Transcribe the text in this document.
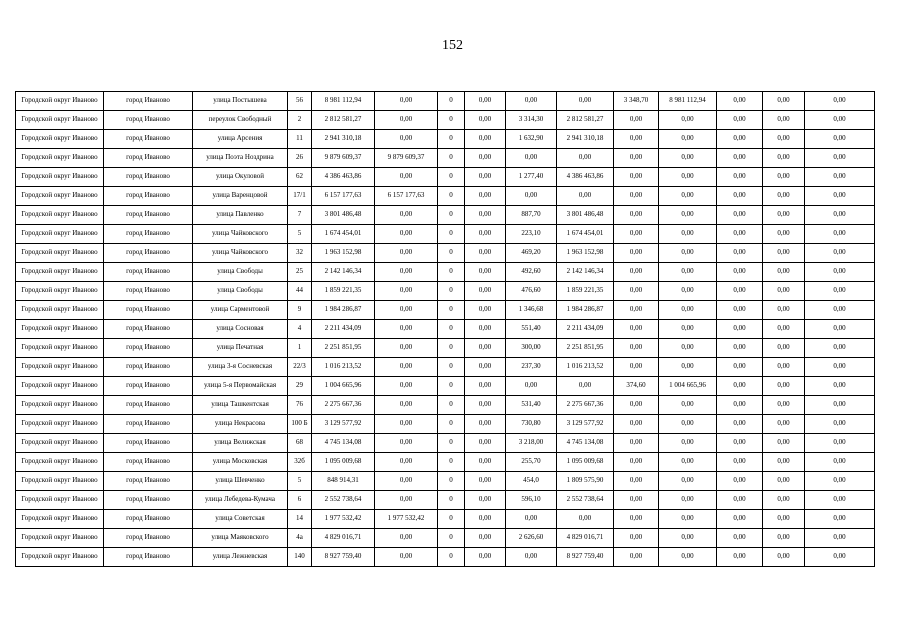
152
Городской округ Иваново	город Иваново	улица Постышева	56	8 981 112,94	0,00	0	0,00	0,00	0,00	3 348,70	8 981 112,94	0,00	0,00	0,00
Городской округ Иваново	город Иваново	переулок Свободный	2	2 812 581,27	0,00	0	0,00	3 314,30	2 812 581,27	0,00	0,00	0,00	0,00	0,00
Городской округ Иваново	город Иваново	улица Арсения	11	2 941 310,18	0,00	0	0,00	1 632,90	2 941 310,18	0,00	0,00	0,00	0,00	0,00
Городской округ Иваново	город Иваново	улица Поэта Ноздрина	26	9 879 609,37	9 879 609,37	0	0,00	0,00	0,00	0,00	0,00	0,00	0,00	0,00
Городской округ Иваново	город Иваново	улица Окуловой	62	4 386 463,86	0,00	0	0,00	1 277,40	4 386 463,86	0,00	0,00	0,00	0,00	0,00
Городской округ Иваново	город Иваново	улица Варенцовой	17/1	6 157 177,63	6 157 177,63	0	0,00	0,00	0,00	0,00	0,00	0,00	0,00	0,00
Городской округ Иваново	город Иваново	улица Павленко	7	3 801 486,48	0,00	0	0,00	887,70	3 801 486,48	0,00	0,00	0,00	0,00	0,00
Городской округ Иваново	город Иваново	улица Чайковского	5	1 674 454,01	0,00	0	0,00	223,10	1 674 454,01	0,00	0,00	0,00	0,00	0,00
Городской округ Иваново	город Иваново	улица Чайковского	32	1 963 152,98	0,00	0	0,00	469,20	1 963 152,98	0,00	0,00	0,00	0,00	0,00
Городской округ Иваново	город Иваново	улица Свободы	25	2 142 146,34	0,00	0	0,00	492,60	2 142 146,34	0,00	0,00	0,00	0,00	0,00
Городской округ Иваново	город Иваново	улица Свободы	44	1 859 221,35	0,00	0	0,00	476,60	1 859 221,35	0,00	0,00	0,00	0,00	0,00
Городской округ Иваново	город Иваново	улица Сарментовой	9	1 984 286,87	0,00	0	0,00	1 346,68	1 984 286,87	0,00	0,00	0,00	0,00	0,00
Городской округ Иваново	город Иваново	улица Сосновая	4	2 211 434,09	0,00	0	0,00	551,40	2 211 434,09	0,00	0,00	0,00	0,00	0,00
Городской округ Иваново	город Иваново	улица Печатная	1	2 251 851,95	0,00	0	0,00	300,00	2 251 851,95	0,00	0,00	0,00	0,00	0,00
Городской округ Иваново	город Иваново	улица 3-я Сосневская	22/3	1 016 213,52	0,00	0	0,00	237,30	1 016 213,52	0,00	0,00	0,00	0,00	0,00
Городской округ Иваново	город Иваново	улица 5-я Первомайская	29	1 004 665,96	0,00	0	0,00	0,00	0,00	374,60	1 004 665,96	0,00	0,00	0,00
Городской округ Иваново	город Иваново	улица Ташкентская	76	2 275 667,36	0,00	0	0,00	531,40	2 275 667,36	0,00	0,00	0,00	0,00	0,00
Городской округ Иваново	город Иваново	улица Некрасова	100 Б	3 129 577,92	0,00	0	0,00	730,80	3 129 577,92	0,00	0,00	0,00	0,00	0,00
Городской округ Иваново	город Иваново	улица Велижская	68	4 745 134,08	0,00	0	0,00	3 218,00	4 745 134,08	0,00	0,00	0,00	0,00	0,00
Городской округ Иваново	город Иваново	улица Московская	32б	1 095 009,68	0,00	0	0,00	255,70	1 095 009,68	0,00	0,00	0,00	0,00	0,00
Городской округ Иваново	город Иваново	улица Шевченко	5	848 914,31	0,00	0	0,00	454,0	1 809 575,90	0,00	0,00	0,00	0,00	0,00
Городской округ Иваново	город Иваново	улица Лебедева-Кумача	6	2 552 738,64	0,00	0	0,00	596,10	2 552 738,64	0,00	0,00	0,00	0,00	0,00
Городской округ Иваново	город Иваново	улица Советская	14	1 977 532,42	1 977 532,42	0	0,00	0,00	0,00	0,00	0,00	0,00	0,00	0,00
Городской округ Иваново	город Иваново	улица Маяковского	4а	4 829 016,71	0,00	0	0,00	2 626,60	4 829 016,71	0,00	0,00	0,00	0,00	0,00
Городской округ Иваново	город Иваново	улица Лежневская	140	8 927 759,40	0,00	0	0,00	0,00	8 927 759,40	0,00	0,00	0,00	0,00	0,00
